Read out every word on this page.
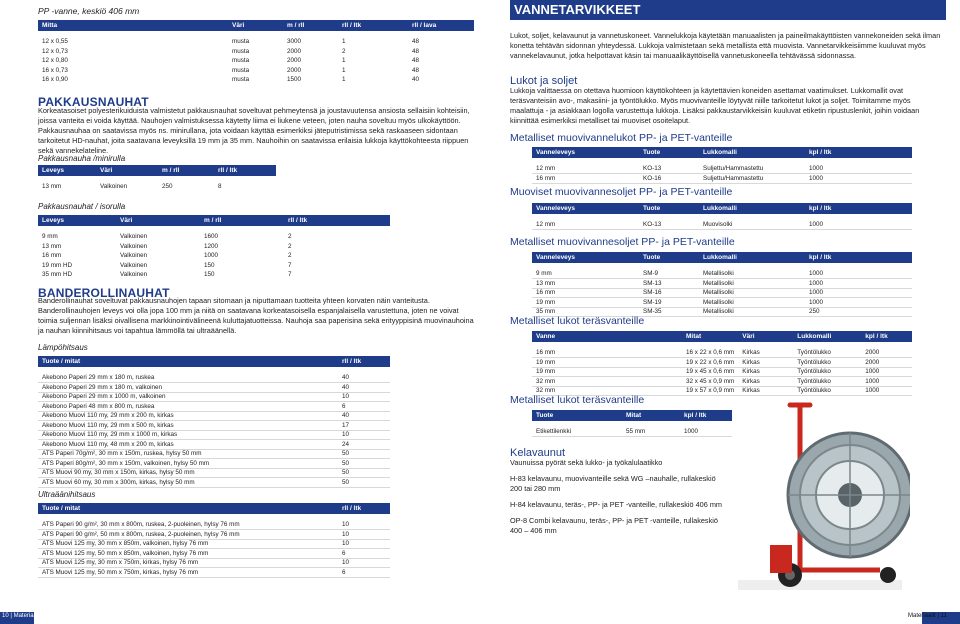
PP -vanne, keskiö 406 mm
Mitta	Väri	m / rll	rll / ltk	rll / lava

12 x 0,55	musta	3000	1	48
12 x 0,73	musta	2000	2	48
12 x 0,80	musta	2000	1	48
16 x 0,73	musta	2000	1	48
16 x 0,90	musta	1500	1	40
PAKKAUSNAUHAT
Korkeatasoiset polyesterikuiduista valmistetut pakkausnauhat soveltuvat pehmeytensä ja joustavuutensa ansiosta sellaisiin kohteisiin, joissa vanteita ei voida käyttää. Nauhojen valmistuksessa käytetty liima ei liukene veteen, joten nauha soveltuu myös ulkokäyttöön. Pakkausnauhaa on saatavissa myös ns. minirullana, jota voidaan käyttää esimerkiksi jäteputristimissa sekä raskaaseen sidontaan tarkoitetut HD-nauhat, joita saatavana leveyksillä 19 mm ja 35 mm. Nauhoihin on saatavissa erilaisia lukkoja käyttökohteesta riippuen sekä vannekelateline.
Pakkausnauha /minirulla
Leveys	Väri	m / rll	rll / ltk

13 mm	Valkoinen	250	8
Pakkausnauhat / isorulla
Leveys	Väri	m / rll	rll / ltk

9 mm	Valkoinen	1600	2
13 mm	Valkoinen	1200	2
16 mm	Valkoinen	1000	2
19 mm HD	Valkoinen	150	7
35 mm HD	Valkoinen	150	7
BANDEROLLINAUHAT
Banderollinauhat soveltuvat pakkausnauhojen tapaan sitomaan ja niputtamaan tuotteita yhteen korvaten näin vanteitusta. Banderollinauhojen leveys voi olla jopa 100 mm ja niitä on saatavana korkeatasoisella espanjalaisella varustettuna, joten ne voivat toimia suljennan lisäksi oivallisena markkinointivälineenä kuluttajatuotteissa. Nauhoja saa paperisina sekä erityyppisinä muovinauhoina ja nauhan kiinnihitsaus voi tapahtua lämmöllä tai ultraäänellä.
Lämpöhitsaus
Tuote / mitat	rll / ltk

Akebono Paperi 29 mm x 180 m, ruskea	40
Akebono Paperi 29 mm x 180 m, valkoinen	40
Akebono Paperi 29 mm x 1000 m, valkoinen	10
Akebono Paperi 48 mm x 800 m, ruskea	6
Akebono Muovi 110 my, 29 mm x 200 m, kirkas	40
Akebono Muovi 110 my, 29 mm x 500 m, kirkas	17
Akebono Muovi 110 my, 29 mm x 1000 m, kirkas	10
Akebono Muovi 110 my, 48 mm x 200 m, kirkas	24
ATS Paperi 70g/m², 30 mm x 150m, ruskea, hylsy 50 mm	50
ATS Paperi 80g/m², 30 mm x 150m, valkoinen, hylsy 50 mm	50
ATS Muovi 90 my, 30 mm x 150m, kirkas, hylsy 50 mm	50
ATS Muovi 60 my, 30 mm x 300m, kirkas, hylsy 50 mm	50
Ultraäänihitsaus
Tuote / mitat	rll / ltk

ATS Paperi 90 g/m², 30 mm x 800m, ruskea, 2-puoleinen, hylsy 76 mm	10
ATS Paperi 90 g/m², 50 mm x 800m, ruskea, 2-puoleinen, hylsy 76 mm	10
ATS Muovi 125 my, 30 mm x 850m, valkoinen, hylsy 76 mm	10
ATS Muovi 125 my, 50 mm x 850m, valkoinen, hylsy 76 mm	6
ATS Muovi 125 my, 30 mm x 750m, kirkas, hylsy 76 mm	10
ATS Muovi 125 my, 50 mm x 750m, kirkas, hylsy 76 mm	6
10 | Materiaalit
VANNETARVIKKEET
Lukot, soljet, kelavaunut ja vannetuskoneet. Vannelukkoja käytetään manuaalisten ja paineilmakäyttöisten vannekoneiden sekä ilman konetta tehtävän sidonnan yhteydessä. Lukkoja valmistetaan sekä metallista että muovista. Vannetarvikkeisiimme kuuluvat myös vannekelavaunut, jotka helpottavat käsin tai manuaalikäyttöisellä vannetuskoneella tehtävässä sidonnassa.
Lukot ja soljet
Lukkoja valittaessa on otettava huomioon käyttökohteen ja käytettävien koneiden asettamat vaatimukset. Lukkomallit ovat teräsvanteisiin avo-, makasiini- ja työntölukko. Myös muovivanteille löytyvät niille tarkoitetut lukot ja soljet. Toimitamme myös maalattuja - ja asiakkaan logolla varustettuja lukkoja. Lisäksi pakkaustarvikkeisiin kuuluvat etiketin ripustuslenkit, joihin voidaan kiinnittää esimerkiksi metalliset tai muoviset osoitelaput.
Metalliset muovivannelukot PP- ja PET-vanteille
Vanneleveys	Tuote	Lukkomalli	kpl / ltk

12 mm	KO-13	Suljettu/Hammastettu	1000
16 mm	KO-16	Suljettu/Hammastettu	1000
Muoviset muovivannesoljet PP- ja PET-vanteille
Vanneleveys	Tuote	Lukkomalli	kpl / ltk

12 mm	KO-13	Muovisolki	1000
Metalliset muovivannesoljet PP- ja PET-vanteille
Vanneleveys	Tuote	Lukkomalli	kpl / ltk

9 mm	SM-9	Metallisolki	1000
13 mm	SM-13	Metallisolki	1000
16 mm	SM-16	Metallisolki	1000
19 mm	SM-19	Metallisolki	1000
35 mm	SM-35	Metallisolki	250
Metalliset lukot teräsvanteille
Vanne	Mitat	Väri	Lukkomalli	kpl / ltk

16 mm	16 x 22 x 0,6 mm	Kirkas	Työntölukko	2000
19 mm	19 x 22 x 0,6 mm	Kirkas	Työntölukko	2000
19 mm	19 x 45 x 0,6 mm	Kirkas	Työntölukko	1000
32 mm	32 x 45 x 0,9 mm	Kirkas	Työntölukko	1000
32 mm	19 x 57 x 0,9 mm	Kirkas	Työntölukko	1000
Metalliset lukot teräsvanteille
Tuote	Mitat	kpl / ltk

Etikettilenkki	55 mm	1000
Kelavaunut
Vaunuissa pyörät sekä lukko- ja työkalulaatikko
H-83 kelavaunu, muovivanteille sekä WG –nauhalle, rullakeskiö 200 tai 280 mm
H-84 kelavaunu, teräs-, PP- ja PET -vanteille, rullakeskiö 406 mm
OP-8 Combi kelavaunu, teräs-, PP- ja PET -vanteille, rullakeskiö 400 – 406 mm
Materiaalit | 11
